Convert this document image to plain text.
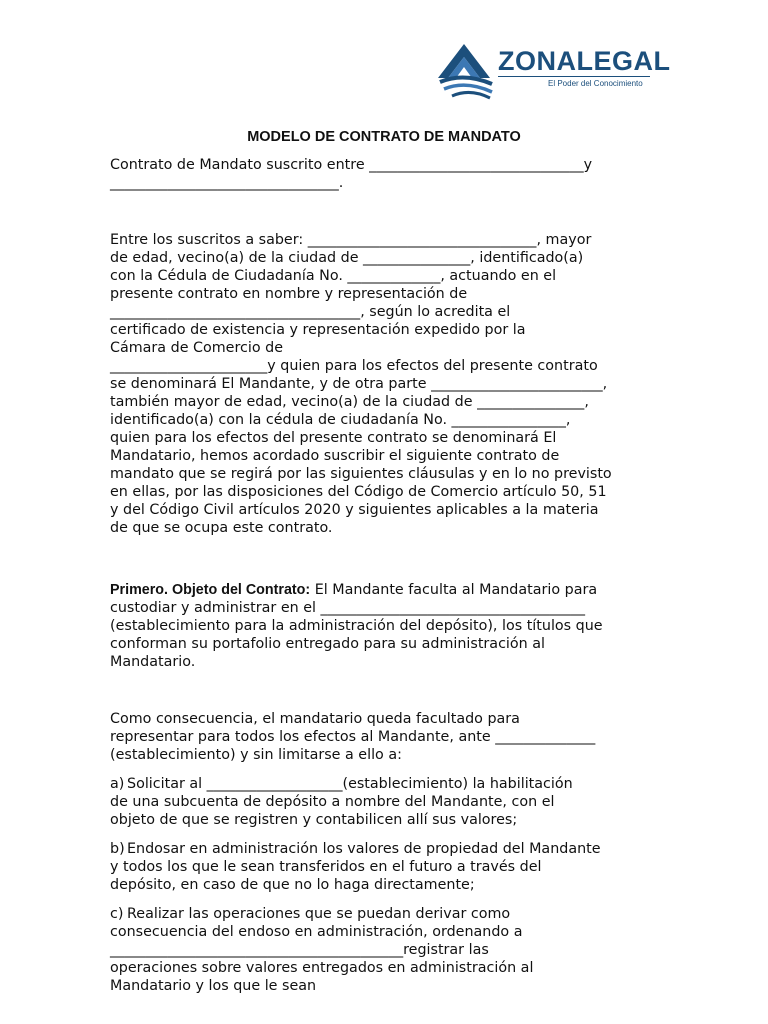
ZONALEGAL
El Poder del Conocimiento
MODELO DE CONTRATO DE MANDATO
Contrato de Mandato suscrito entre ______________________________y
________________________________.
Entre los suscritos a saber: ________________________________, mayor
de edad, vecino(a) de la ciudad de _______________, identificado(a)
con la Cédula de Ciudadanía No. _____________, actuando en el
presente contrato en nombre y representación de
___________________________________, según lo acredita el
certificado de existencia y representación expedido por la
Cámara de Comercio de
______________________y quien para los efectos del presente contrato
se denominará El Mandante, y de otra parte ________________________,
también mayor de edad, vecino(a) de la ciudad de _______________,
identificado(a) con la cédula de ciudadanía No. ________________,
quien para los efectos del presente contrato se denominará El
Mandatario, hemos acordado suscribir el siguiente contrato de
mandato que se regirá por las siguientes cláusulas y en lo no previsto
en ellas, por las disposiciones del Código de Comercio artículo 50, 51
y del Código Civil artículos 2020 y siguientes aplicables a la materia
de que se ocupa este contrato.
Primero. Objeto del Contrato: El Mandante faculta al Mandatario para
custodiar y administrar en el _____________________________________
(establecimiento para la administración del depósito), los títulos que
conforman su portafolio entregado para su administración al
Mandatario.
Como consecuencia, el mandatario queda facultado para
representar para todos los efectos al Mandante, ante ______________
(establecimiento) y sin limitarse a ello a:
a) Solicitar al ___________________(establecimiento) la habilitación
de una subcuenta de depósito a nombre del Mandante, con el
objeto de que se registren y contabilicen allí sus valores;
b) Endosar en administración los valores de propiedad del Mandante
y todos los que le sean transferidos en el futuro a través del
depósito, en caso de que no lo haga directamente;
c) Realizar las operaciones que se puedan derivar como
consecuencia del endoso en administración, ordenando a
_________________________________________registrar las
operaciones sobre valores entregados en administración al
Mandatario y los que le sean
